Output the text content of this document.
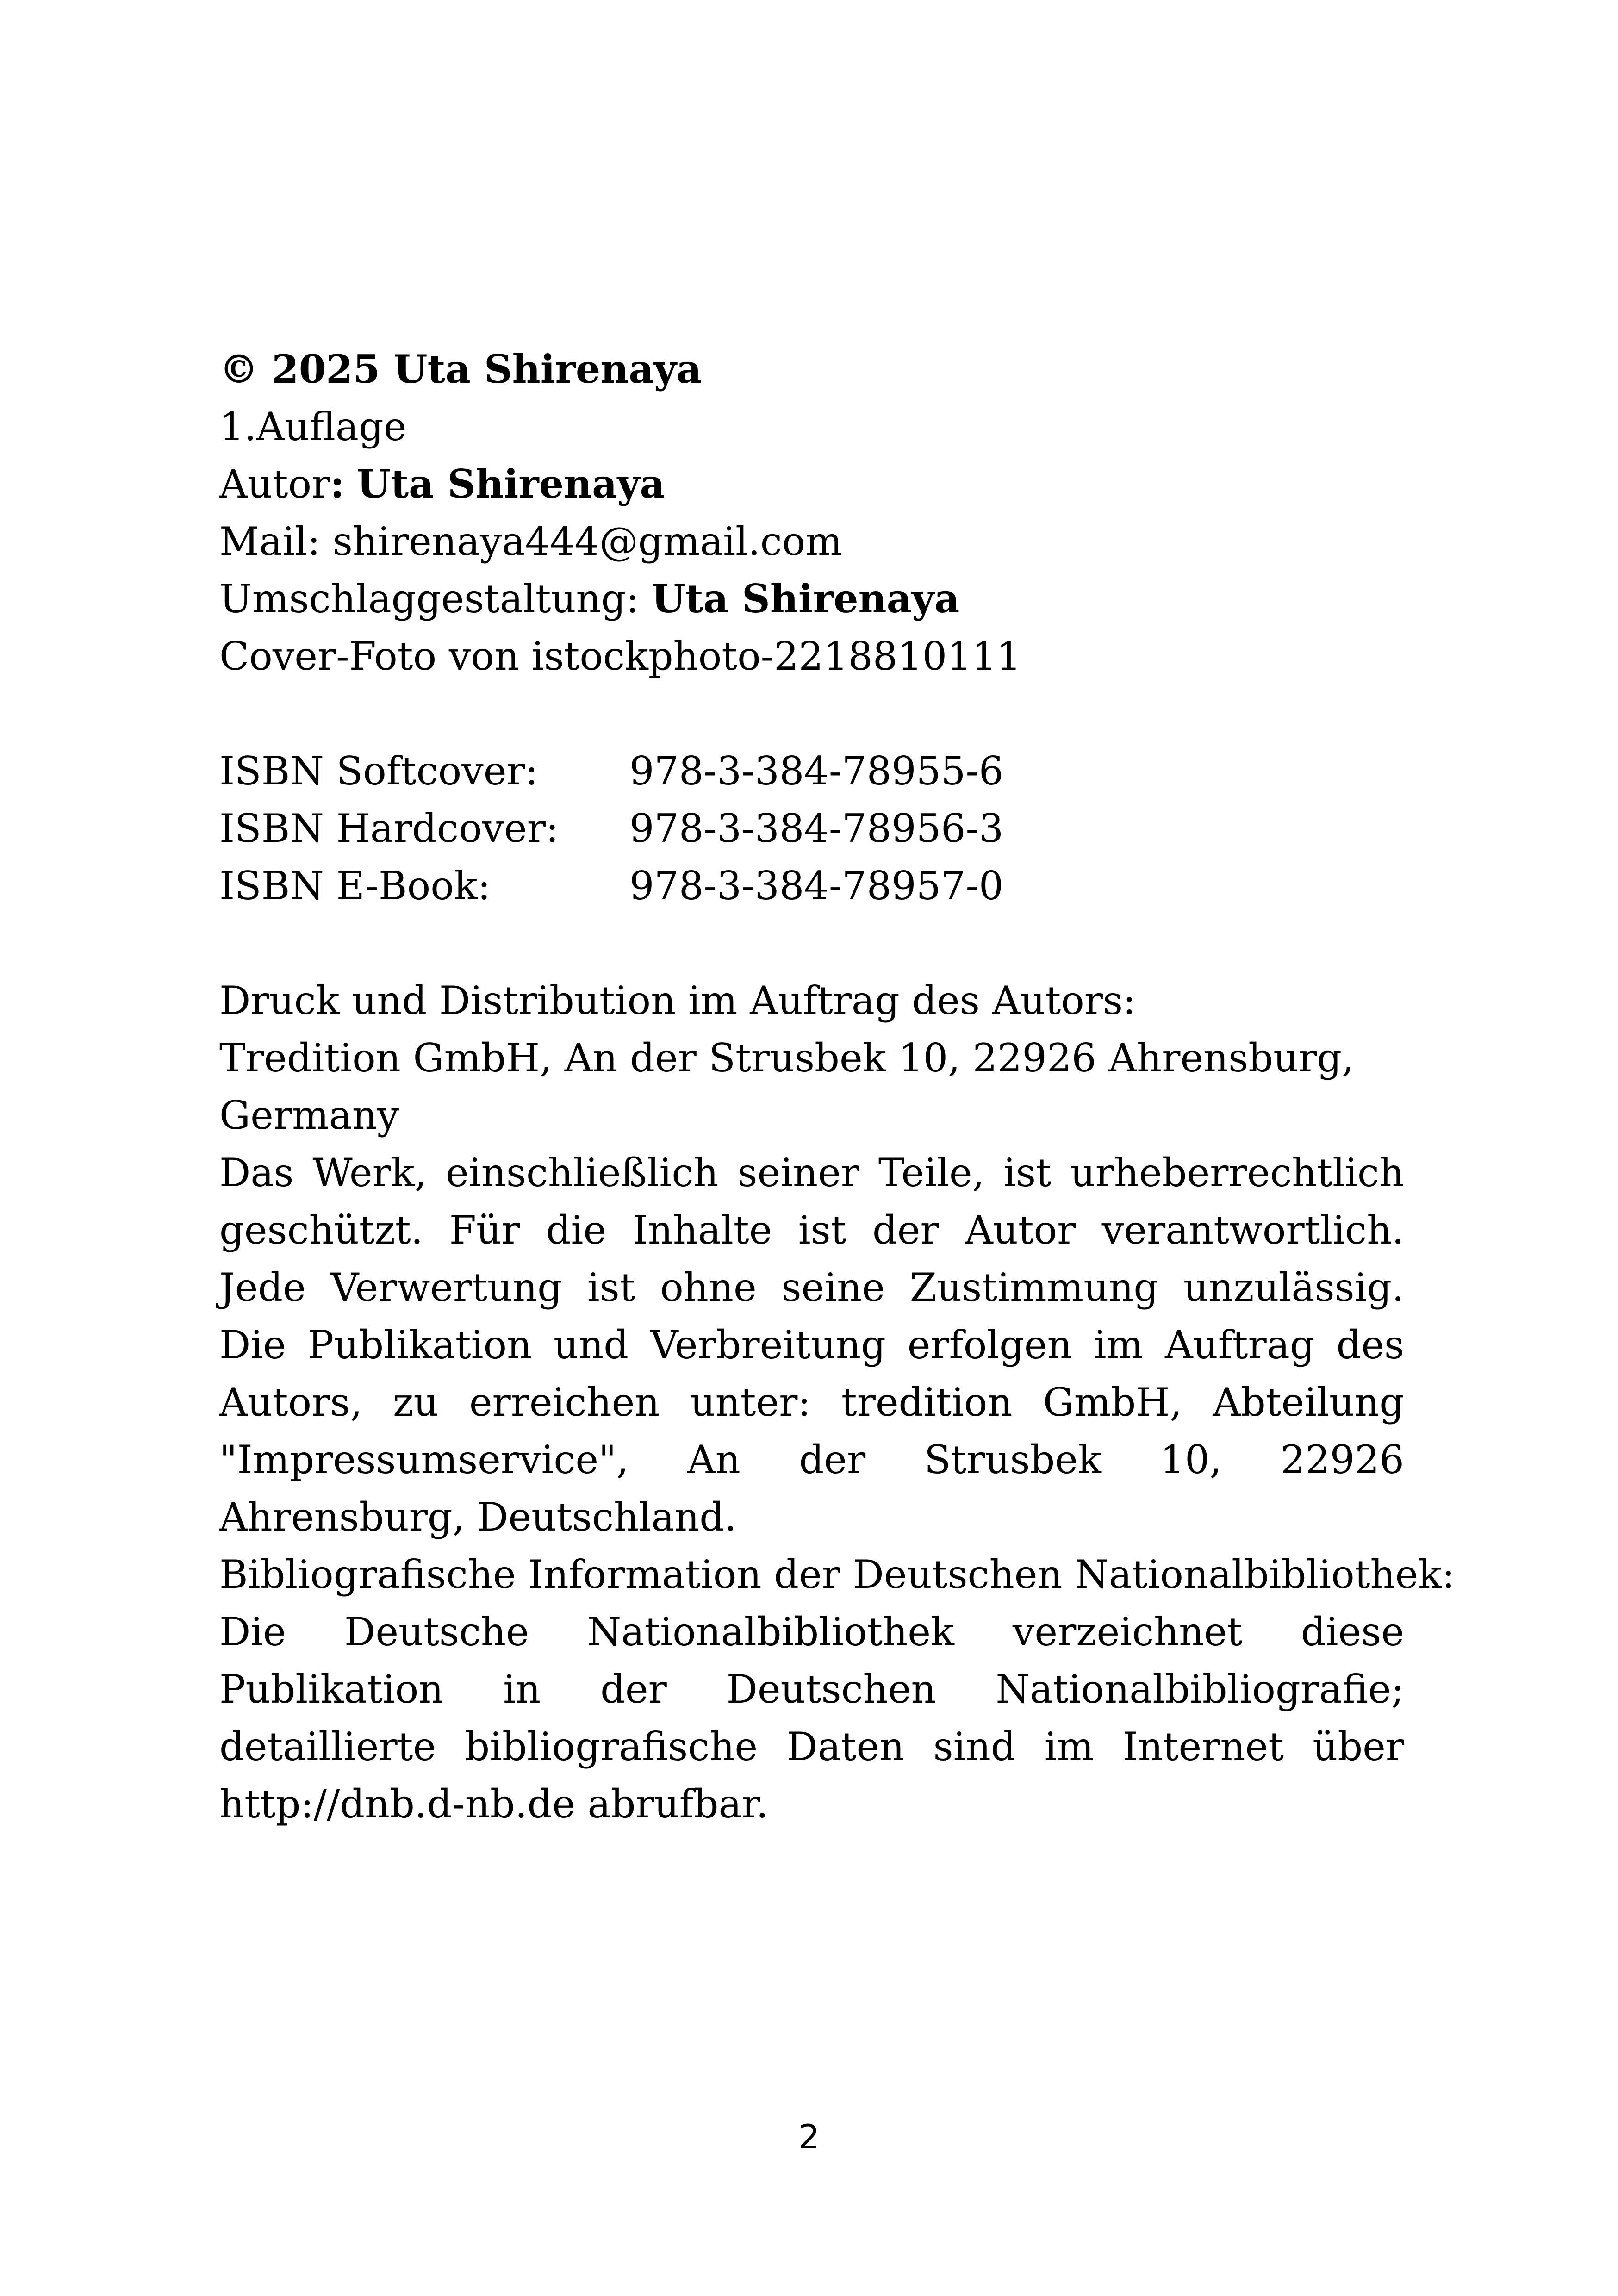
© 2025 Uta Shirenaya
1.Auflage
Autor: Uta Shirenaya
Mail: shirenaya444@gmail.com
Umschlaggestaltung: Uta Shirenaya
Cover-Foto von istockphoto-2218810111
ISBN Softcover:	978-3-384-78955-6
ISBN Hardcover:	978-3-384-78956-3
ISBN E-Book:	978-3-384-78957-0
Druck und Distribution im Auftrag des Autors:
Tredition GmbH, An der Strusbek 10, 22926 Ahrensburg,
Germany

Das Werk, einschließlich seiner Teile, ist urheberrechtlich geschützt. Für die Inhalte ist der Autor verantwortlich. Jede Verwertung ist ohne seine Zustimmung unzulässig. Die Publikation und Verbreitung erfolgen im Auftrag des Autors, zu erreichen unter: tredition GmbH, Abteilung "Impressumservice", An der Strusbek 10, 22926 Ahrensburg, Deutschland.

Bibliografische Information der Deutschen Nationalbibliothek:

Die Deutsche Nationalbibliothek verzeichnet diese Publikation in der Deutschen Nationalbibliografie; detaillierte bibliografische Daten sind im Internet über http://dnb.d-nb.de abrufbar.

2
